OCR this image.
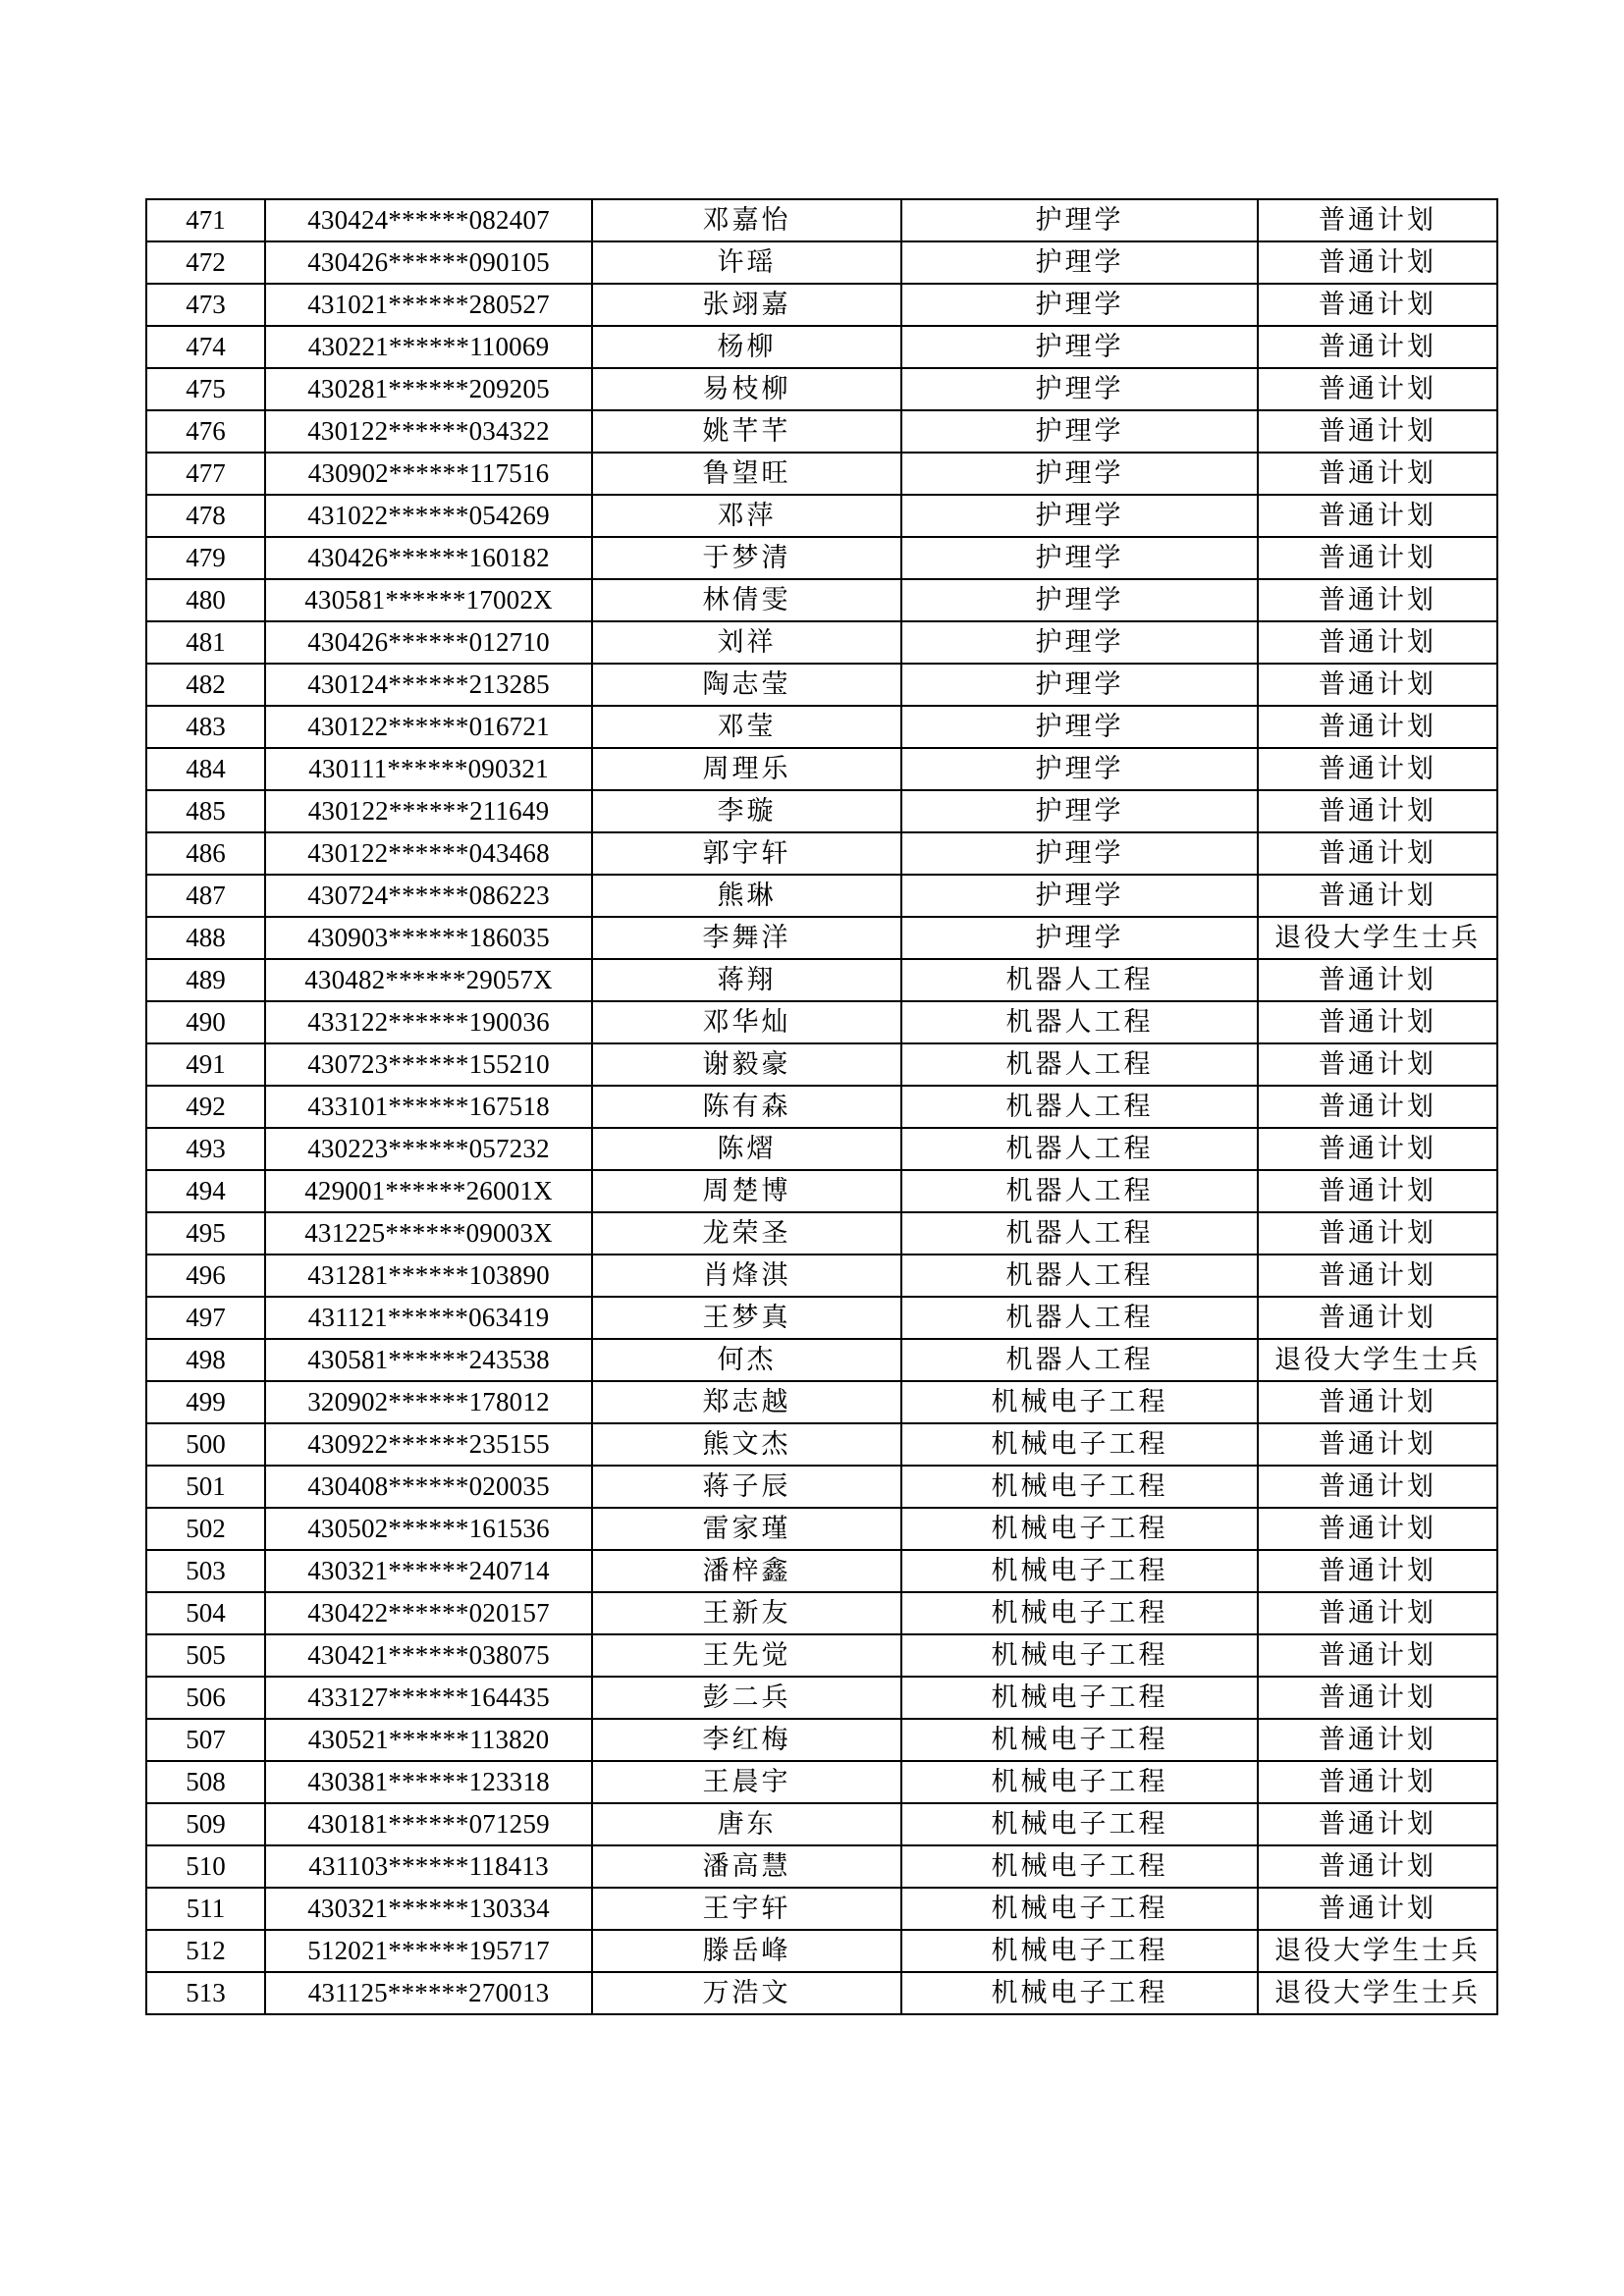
471	430424******082407	邓嘉怡	护理学	普通计划
472	430426******090105	许瑶	护理学	普通计划
473	431021******280527	张翊嘉	护理学	普通计划
474	430221******110069	杨柳	护理学	普通计划
475	430281******209205	易枝柳	护理学	普通计划
476	430122******034322	姚芊芊	护理学	普通计划
477	430902******117516	鲁望旺	护理学	普通计划
478	431022******054269	邓萍	护理学	普通计划
479	430426******160182	于梦清	护理学	普通计划
480	430581******17002X	林倩雯	护理学	普通计划
481	430426******012710	刘祥	护理学	普通计划
482	430124******213285	陶志莹	护理学	普通计划
483	430122******016721	邓莹	护理学	普通计划
484	430111******090321	周理乐	护理学	普通计划
485	430122******211649	李璇	护理学	普通计划
486	430122******043468	郭宇轩	护理学	普通计划
487	430724******086223	熊琳	护理学	普通计划
488	430903******186035	李舞洋	护理学	退役大学生士兵
489	430482******29057X	蒋翔	机器人工程	普通计划
490	433122******190036	邓华灿	机器人工程	普通计划
491	430723******155210	谢毅豪	机器人工程	普通计划
492	433101******167518	陈有森	机器人工程	普通计划
493	430223******057232	陈熠	机器人工程	普通计划
494	429001******26001X	周楚博	机器人工程	普通计划
495	431225******09003X	龙荣圣	机器人工程	普通计划
496	431281******103890	肖烽淇	机器人工程	普通计划
497	431121******063419	王梦真	机器人工程	普通计划
498	430581******243538	何杰	机器人工程	退役大学生士兵
499	320902******178012	郑志越	机械电子工程	普通计划
500	430922******235155	熊文杰	机械电子工程	普通计划
501	430408******020035	蒋子辰	机械电子工程	普通计划
502	430502******161536	雷家瑾	机械电子工程	普通计划
503	430321******240714	潘梓鑫	机械电子工程	普通计划
504	430422******020157	王新友	机械电子工程	普通计划
505	430421******038075	王先觉	机械电子工程	普通计划
506	433127******164435	彭二兵	机械电子工程	普通计划
507	430521******113820	李红梅	机械电子工程	普通计划
508	430381******123318	王晨宇	机械电子工程	普通计划
509	430181******071259	唐东	机械电子工程	普通计划
510	431103******118413	潘高慧	机械电子工程	普通计划
511	430321******130334	王宇轩	机械电子工程	普通计划
512	512021******195717	滕岳峰	机械电子工程	退役大学生士兵
513	431125******270013	万浩文	机械电子工程	退役大学生士兵
